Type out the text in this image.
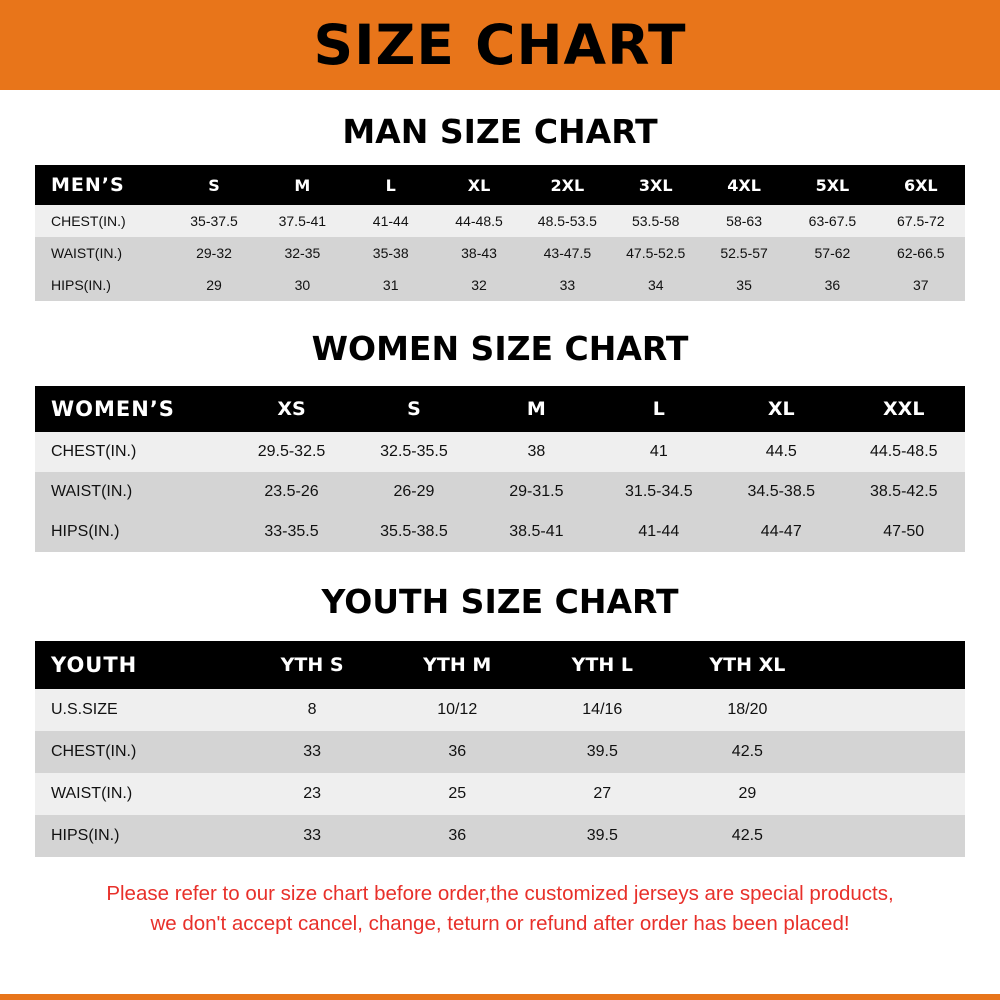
SIZE CHART
MAN SIZE CHART
MEN’S	S	M	L	XL	2XL	3XL	4XL	5XL	6XL
CHEST(IN.)	35-37.5	37.5-41	41-44	44-48.5	48.5-53.5	53.5-58	58-63	63-67.5	67.5-72
WAIST(IN.)	29-32	32-35	35-38	38-43	43-47.5	47.5-52.5	52.5-57	57-62	62-66.5
HIPS(IN.)	29	30	31	32	33	34	35	36	37
WOMEN SIZE CHART
WOMEN’S	XS	S	M	L	XL	XXL
CHEST(IN.)	29.5-32.5	32.5-35.5	38	41	44.5	44.5-48.5
WAIST(IN.)	23.5-26	26-29	29-31.5	31.5-34.5	34.5-38.5	38.5-42.5
HIPS(IN.)	33-35.5	35.5-38.5	38.5-41	41-44	44-47	47-50
YOUTH SIZE CHART
YOUTH	YTH S	YTH M	YTH L	YTH XL	
U.S.SIZE	8	10/12	14/16	18/20	
CHEST(IN.)	33	36	39.5	42.5	
WAIST(IN.)	23	25	27	29	
HIPS(IN.)	33	36	39.5	42.5	
Please refer to our size chart before order,the customized jerseys are special products,
we don't accept cancel, change, teturn or refund after order has been placed!
